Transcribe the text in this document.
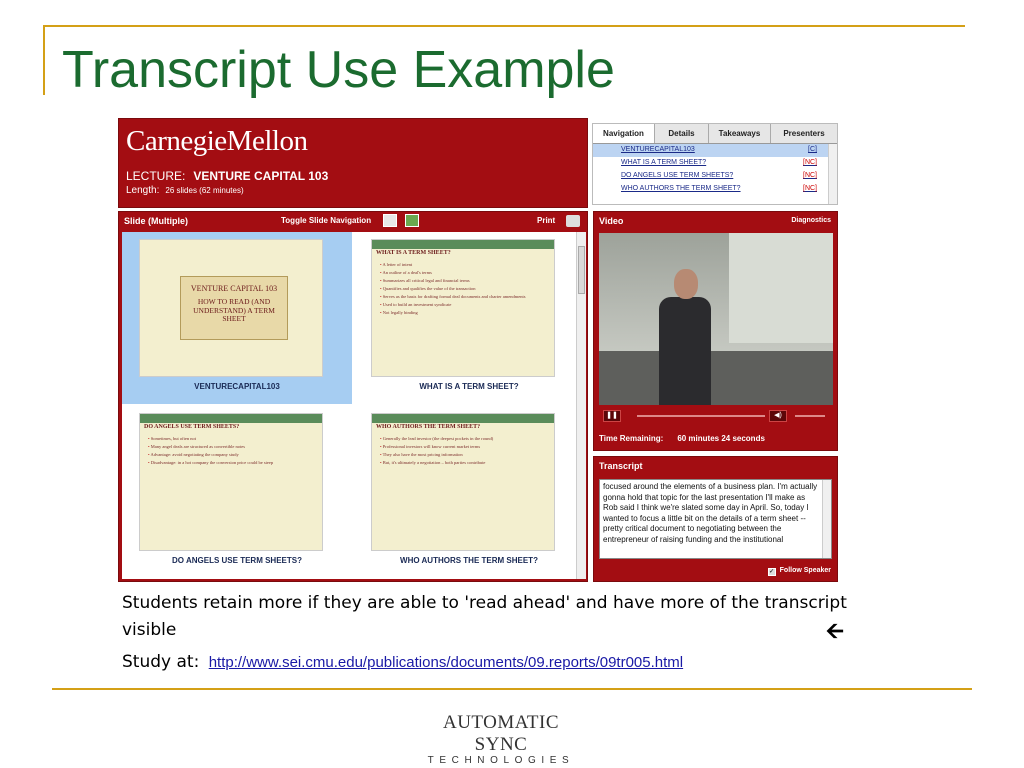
Transcript Use Example
CarnegieMellon
LECTURE: VENTURE CAPITAL 103
Length: 26 slides (62 minutes)
Navigation	Details	Takeaways	Presenters
VENTURECAPITAL103	[C]
WHAT IS A TERM SHEET?	[NC]
DO ANGELS USE TERM SHEETS?	[NC]
WHO AUTHORS THE TERM SHEET?	[NC]
Slide (Multiple)	Toggle Slide Navigation	Print
VENTURE CAPITAL 103
HOW TO READ (AND UNDERSTAND) A TERM SHEET
VENTURECAPITAL103
WHAT IS A TERM SHEET?
• A letter of intent
• An outline of a deal's terms
• Summarizes all critical legal and financial terms
• Quantifies and qualifies the value of the transaction
• Serves as the basis for drafting formal deal documents and charter amendments
• Used to build an investment syndicate
• Not legally binding
WHAT IS A TERM SHEET?
DO ANGELS USE TERM SHEETS?
• Sometimes, but often not
• Many angel deals are structured as convertible notes
• Advantage: avoid negotiating the company study
• Disadvantage: in a hot company the conversion price could be steep
DO ANGELS USE TERM SHEETS?
WHO AUTHORS THE TERM SHEET?
• Generally the lead investor (the deepest pockets in the round)
• Professional investors will know current market terms
• They also have the most pricing information
• But, it's ultimately a negotiation – both parties contribute
WHO AUTHORS THE TERM SHEET?
Video	Diagnostics
❚❚	◀)
Time Remaining: 60 minutes 24 seconds
Transcript

focused around the elements of a business plan. I'm actually gonna hold that topic for the last presentation I'll make as Rob said I think we're slated some day in April. So, today I wanted to focus a little bit on the details of a term sheet -- pretty critical document to negotiating between the entrepreneur of raising funding and the institutional

✓ Follow Speaker
Students retain more if they are able to 'read ahead' and have more of the transcript visible	🡨
Study at: http://www.sei.cmu.edu/publications/documents/09.reports/09tr005.html
AUTOMATIC SYNC
TECHNOLOGIES
